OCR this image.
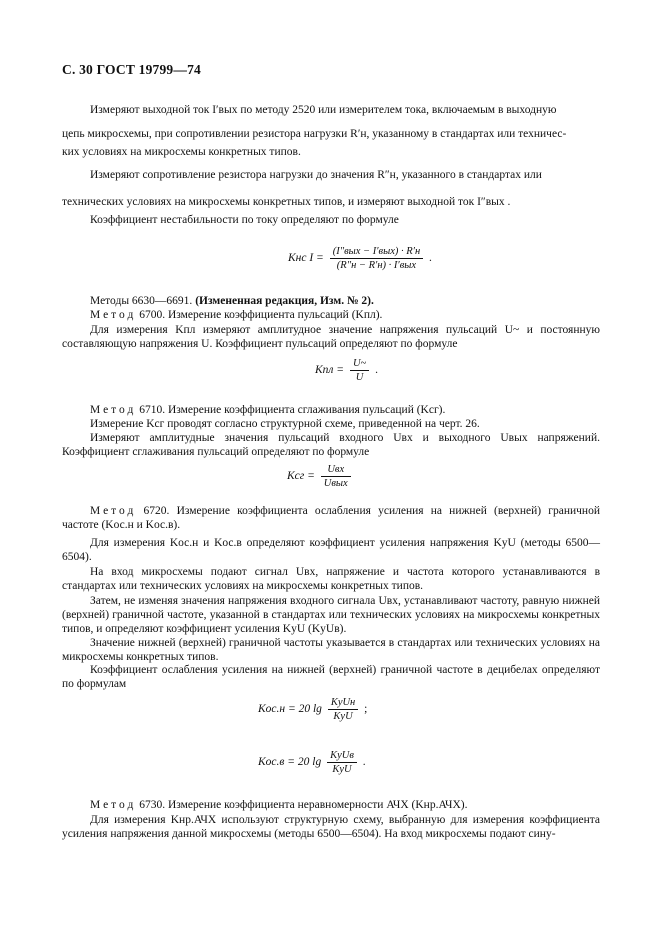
С. 30 ГОСТ 19799—74
Измеряют выходной ток I′вых по методу 2520 или измерителем тока, включаемым в выходную
цепь микросхемы, при сопротивлении резистора нагрузки R′н, указанному в стандартах или техничес-
ких условиях на микросхемы конкретных типов.
Измеряют сопротивление резистора нагрузки до значения R″н, указанного в стандартах или
технических условиях на микросхемы конкретных типов, и измеряют выходной ток I″вых .
Коэффициент нестабильности по току определяют по формуле
Kнс $I = \frac{\text{(I″вых − I′вых) · R′н}}{\text{(R″н − R′н) · I′вых}}$ .
Методы 6630—6691. (Измененная редакция, Изм. № 2).
Метод 6700. Измерение коэффициента пульсаций (Kпл).
Для измерения Kпл измеряют амплитудное значение напряжения пульсаций U~ и постоянную составляющую напряжения U. Коэффициент пульсаций определяют по формуле
Kпл = $\frac{U\sim}{U}$ .
Метод 6710. Измерение коэффициента сглаживания пульсаций (Kсг).
Измерение Kсг проводят согласно структурной схеме, приведенной на черт. 26.
Измеряют амплитудные значения пульсаций входного Uвх и выходного Uвых напряжений. Коэффициент сглаживания пульсаций определяют по формуле
Kсг = $\frac{\text{Uвх}}{\text{Uвых}}$
Метод 6720. Измерение коэффициента ослабления усиления на нижней (верхней) граничной частоте (Kос.н и Kос.в).
Для измерения Kос.н и Kос.в определяют коэффициент усиления напряжения KyU (методы 6500—6504).
На вход микросхемы подают сигнал Uвх, напряжение и частота которого устанавливаются в стандартах или технических условиях на микросхемы конкретных типов.
Затем, не изменяя значения напряжения входного сигнала Uвх, устанавливают частоту, равную нижней (верхней) граничной частоте, указанной в стандартах или технических условиях на микросхемы конкретных типов, и определяют коэффициент усиления KyU (KyUв).
Значение нижней (верхней) граничной частоты указывается в стандартах или технических условиях на микросхемы конкретных типов.
Коэффициент ослабления усиления на нижней (верхней) граничной частоте в децибелах определяют по формулам
Kос.н = 20 $\lg \frac{\text{KyUн}}{\text{KyU}}$ ;
Kос.в = 20 $\lg \frac{\text{KyUв}}{\text{KyU}}$ .
Метод 6730. Измерение коэффициента неравномерности АЧХ (Kнр.АЧХ).
Для измерения Kнр.АЧХ используют структурную схему, выбранную для измерения коэффициента усиления напряжения данной микросхемы (методы 6500—6504). На вход микросхемы подают сину-
